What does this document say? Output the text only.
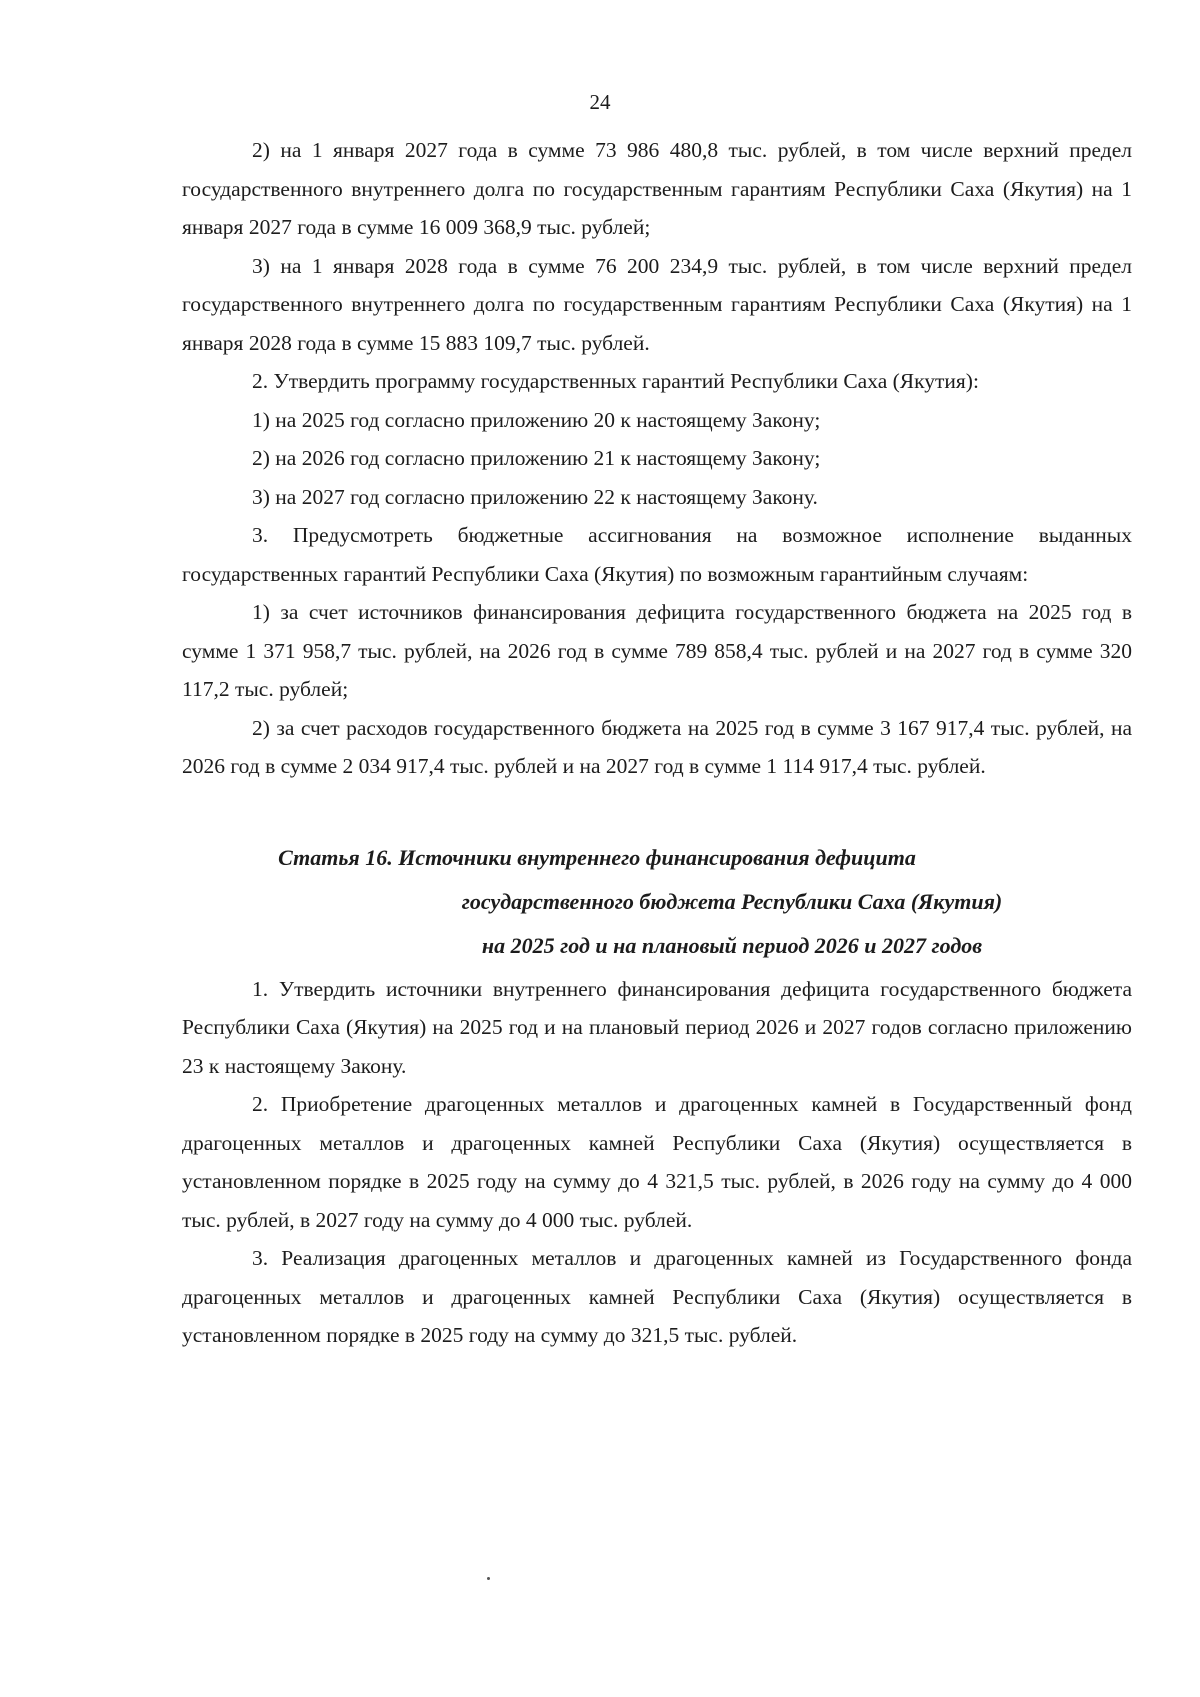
24

2) на 1 января 2027 года в сумме 73 986 480,8 тыс. рублей, в том числе верхний предел государственного внутреннего долга по государственным гарантиям Республики Саха (Якутия) на 1 января 2027 года в сумме 16 009 368,9 тыс. рублей;

3) на 1 января 2028 года в сумме 76 200 234,9 тыс. рублей, в том числе верхний предел государственного внутреннего долга по государственным гарантиям Республики Саха (Якутия) на 1 января 2028 года в сумме 15 883 109,7 тыс. рублей.

2. Утвердить программу государственных гарантий Республики Саха (Якутия):

1) на 2025 год согласно приложению 20 к настоящему Закону;

2) на 2026 год согласно приложению 21 к настоящему Закону;

3) на 2027 год согласно приложению 22 к настоящему Закону.

3. Предусмотреть бюджетные ассигнования на возможное исполнение выданных государственных гарантий Республики Саха (Якутия) по возможным гарантийным случаям:

1) за счет источников финансирования дефицита государственного бюджета на 2025 год в сумме 1 371 958,7 тыс. рублей, на 2026 год в сумме 789 858,4 тыс. рублей и на 2027 год в сумме 320 117,2 тыс. рублей;

2) за счет расходов государственного бюджета на 2025 год в сумме 3 167 917,4 тыс. рублей, на 2026 год в сумме 2 034 917,4 тыс. рублей и на 2027 год в сумме 1 114 917,4 тыс. рублей.

Статья 16. Источники внутреннего финансирования дефицита
государственного бюджета Республики Саха (Якутия)
на 2025 год и на плановый период 2026 и 2027 годов

1. Утвердить источники внутреннего финансирования дефицита государственного бюджета Республики Саха (Якутия) на 2025 год и на плановый период 2026 и 2027 годов согласно приложению 23 к настоящему Закону.

2. Приобретение драгоценных металлов и драгоценных камней в Государственный фонд драгоценных металлов и драгоценных камней Республики Саха (Якутия) осуществляется в установленном порядке в 2025 году на сумму до 4 321,5 тыс. рублей, в 2026 году на сумму до 4 000 тыс. рублей, в 2027 году на сумму до 4 000 тыс. рублей.

3. Реализация драгоценных металлов и драгоценных камней из Государственного фонда драгоценных металлов и драгоценных камней Республики Саха (Якутия) осуществляется в установленном порядке в 2025 году на сумму до 321,5 тыс. рублей.
